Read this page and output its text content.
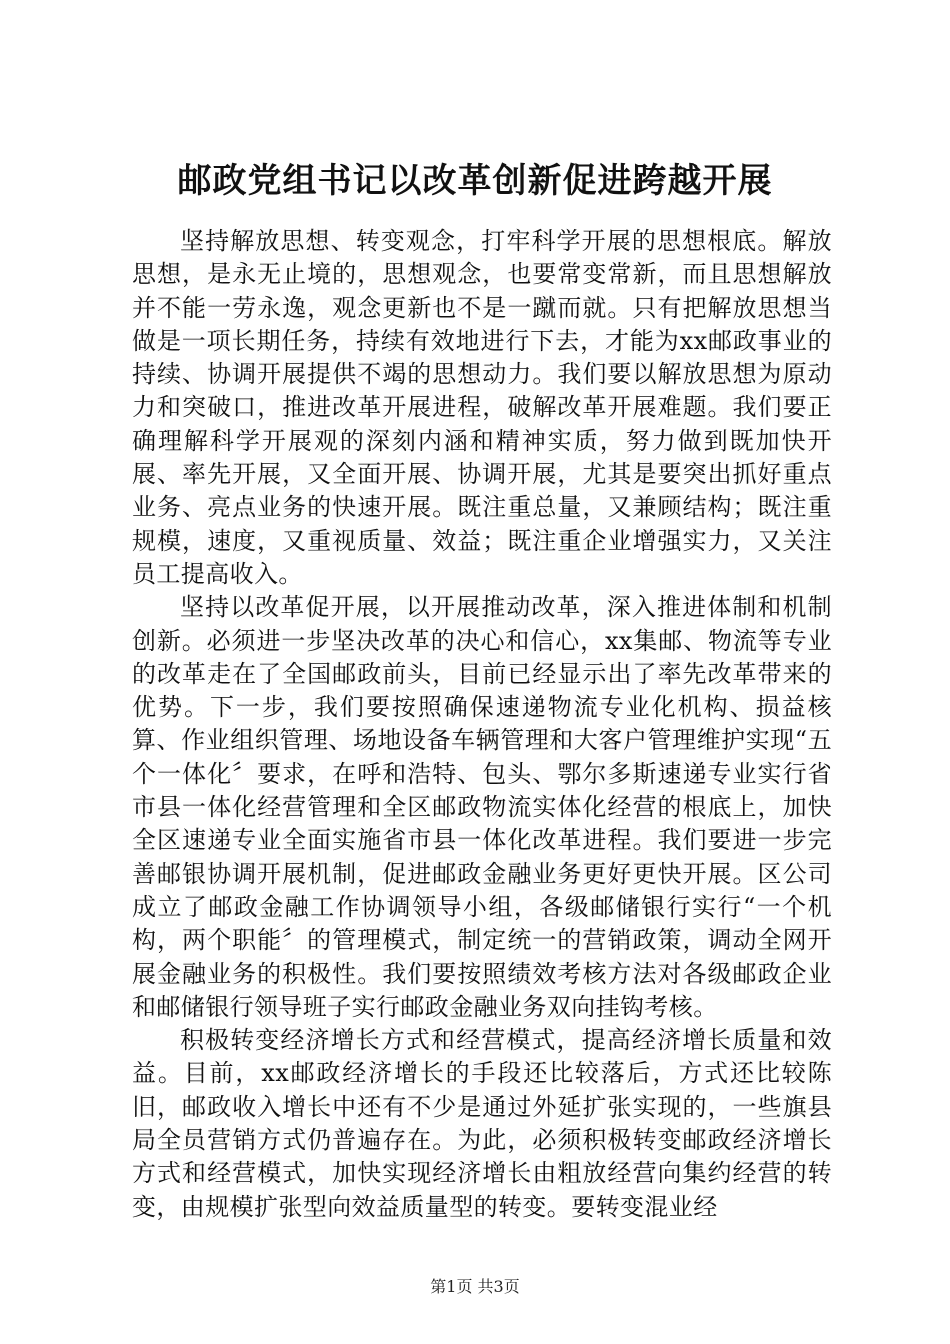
邮政党组书记以改革创新促进跨越开展

坚持解放思想、转变观念，打牢科学开展的思想根底。解放思想，是永无止境的，思想观念，也要常变常新，而且思想解放并不能一劳永逸，观念更新也不是一蹴而就。只有把解放思想当做是一项长期任务，持续有效地进行下去，才能为xx邮政事业的持续、协调开展提供不竭的思想动力。我们要以解放思想为原动力和突破口，推进改革开展进程，破解改革开展难题。我们要正确理解科学开展观的深刻内涵和精神实质，努力做到既加快开展、率先开展，又全面开展、协调开展，尤其是要突出抓好重点业务、亮点业务的快速开展。既注重总量，又兼顾结构；既注重规模，速度，又重视质量、效益；既注重企业增强实力，又关注员工提高收入。

坚持以改革促开展，以开展推动改革，深入推进体制和机制创新。必须进一步坚决改革的决心和信心，xx集邮、物流等专业的改革走在了全国邮政前头，目前已经显示出了率先改革带来的优势。下一步，我们要按照确保速递物流专业化机构、损益核算、作业组织管理、场地设备车辆管理和大客户管理维护实现“五个一体化〞要求，在呼和浩特、包头、鄂尔多斯速递专业实行省市县一体化经营管理和全区邮政物流实体化经营的根底上，加快全区速递专业全面实施省市县一体化改革进程。我们要进一步完善邮银协调开展机制，促进邮政金融业务更好更快开展。区公司成立了邮政金融工作协调领导小组，各级邮储银行实行“一个机构，两个职能〞的管理模式，制定统一的营销政策，调动全网开展金融业务的积极性。我们要按照绩效考核方法对各级邮政企业和邮储银行领导班子实行邮政金融业务双向挂钩考核。

积极转变经济增长方式和经营模式，提高经济增长质量和效益。目前，xx邮政经济增长的手段还比较落后，方式还比较陈旧，邮政收入增长中还有不少是通过外延扩张实现的，一些旗县局全员营销方式仍普遍存在。为此，必须积极转变邮政经济增长方式和经营模式，加快实现经济增长由粗放经营向集约经营的转变，由规模扩张型向效益质量型的转变。要转变混业经

第1页 共3页
